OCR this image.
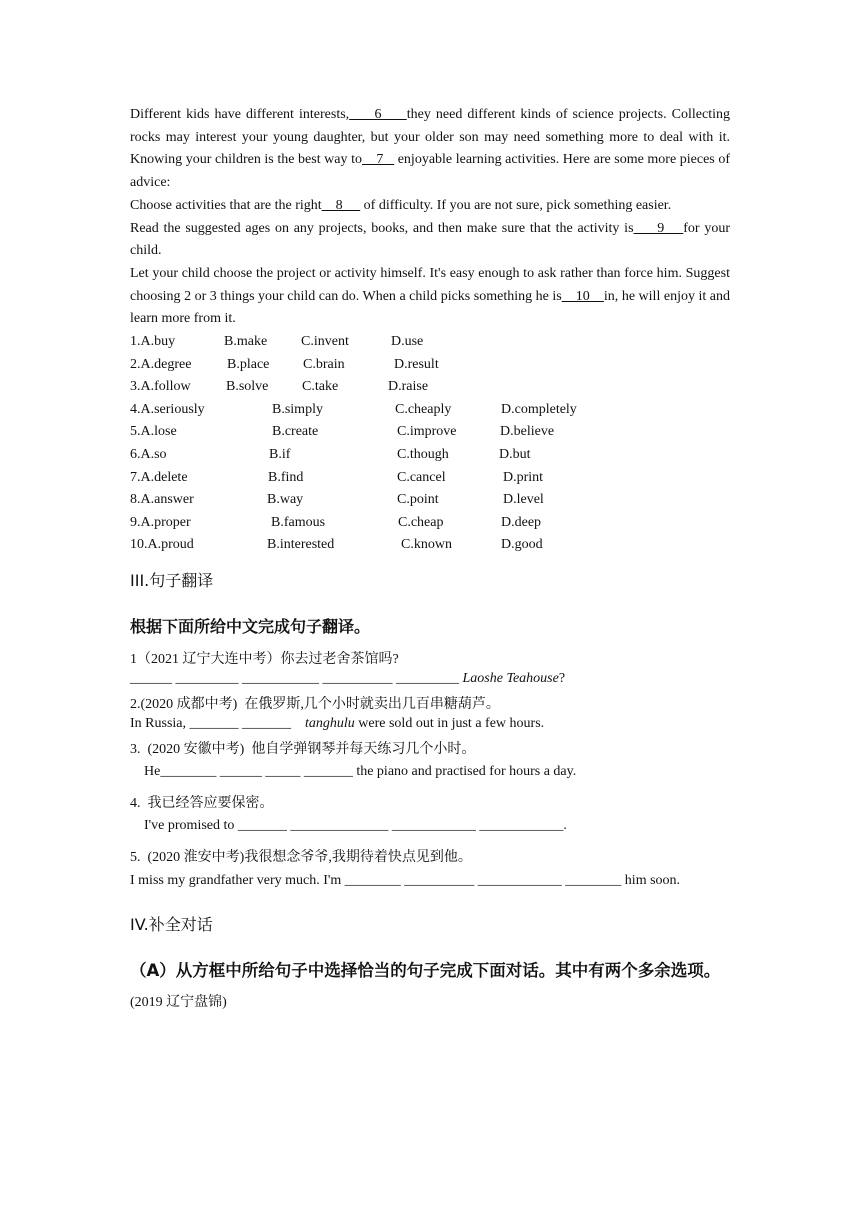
Different kids have different interests,     6     they need different kinds of science projects. Collecting rocks may interest your young daughter, but your older son may need something more to deal with it. Knowing your children is the best way to    7    enjoyable learning activities. Here are some more pieces of advice:

Choose activities that are the right    8      of difficulty. If you are not sure, pick something easier.

Read the suggested ages on any projects, books, and then make sure that the activity is     9    for your child.

Let your child choose the project or activity himself. It's easy enough to ask rather than force him. Suggest choosing 2 or 3 things your child can do. When a child picks something he is    10    in, he will enjoy it and learn more from it.

1.A.buy	B.make C.invent	D.use
2.A.degree	B.place C.brain	D.result
3.A.follow	B.solve C.take	D.raise
4.A.seriously	B.simply	C.cheaply	D.completely
5.A.lose	B.create	C.improve	D.believe
6.A.so	B.if	C.though	D.but
7.A.delete	B.find	C.cancel	D.print
8.A.answer	B.way	C.point	D.level
9.A.proper	B.famous	C.cheap	D.deep
10.A.proud	B.interested	C.known	D.good
III.句子翻译
根据下面所给中文完成句子翻译。
1（2021 辽宁大连中考）你去过老舍茶馆吗?
______ _________ ___________ __________ _________ Laoshe Teahouse?
2.(2020 成都中考)  在俄罗斯,几个小时就卖出几百串糖葫芦。
In Russia, _______ _______    tanghulu were sold out in just a few hours.
3.  (2020 安徽中考)  他自学弹钢琴并每天练习几个小时。
He________ ______ _____ _______ the piano and practised for hours a day.
4.  我已经答应要保密。
I've promised to _______ ______________ ____________ ____________.
5.  (2020 淮安中考)我很想念爷爷,我期待着快点见到他。
I miss my grandfather very much. I'm ________ __________ ____________ ________ him soon.
IV.补全对话
（A）从方框中所给句子中选择恰当的句子完成下面对话。其中有两个多余选项。
(2019 辽宁盘锦)
